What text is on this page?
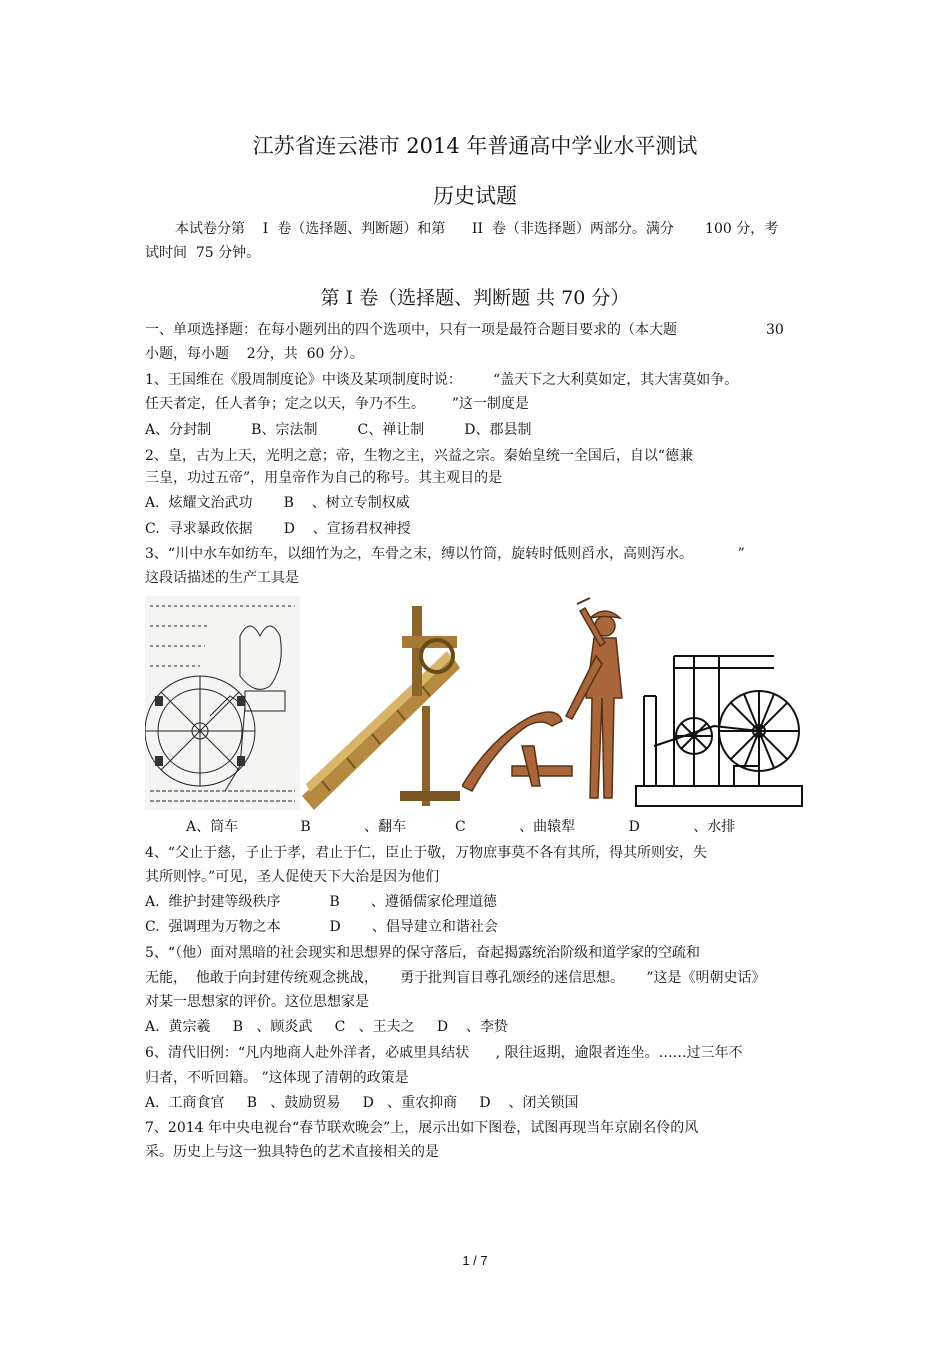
江苏省连云港市 2014 年普通高中学业水平测试
历史试题
本试卷分第    I  卷（选择题、判断题）和第      II  卷（非选择题）两部分。满分       100 分，考
试时间  75 分钟。
第 I 卷（选择题、判断题 共 70 分）
一、单项选择题：在每小题列出的四个选项中，只有一项是最符合题目要求的（本大题                    30
小题，每小题    2分，共  60 分）。
1、王国维在《殷周制度论》中谈及某项制度时说：       “盖天下之大利莫如定，其大害莫如争。
任天者定，任人者争；定之以天，争乃不生。      ”这一制度是
A、分封制         B、宗法制         C、禅让制         D、郡县制
2、皇，古为上天，光明之意；帝，生物之主，兴益之宗。秦始皇统一全国后，自以“德兼
三皇，功过五帝”，用皇帝作为自己的称号。其主观目的是
A.  炫耀文治武功       B    、树立专制权威
C.  寻求暴政依据       D    、宣扬君权神授
3、“川中水车如纺车，以细竹为之，车骨之末，缚以竹筒，旋转时低则舀水，高则泻水。          ”
这段话描述的生产工具是
A、筒车              B            、翻车           C            、曲辕犁            D            、水排
4、“父止于慈，子止于孝，君止于仁，臣止于敬，万物庶事莫不各有其所，得其所则安，失
其所则悖。”可见，圣人促使天下大治是因为他们
A.  维护封建等级秩序           B       、遵循儒家伦理道德
C.  强调理为万物之本           D       、倡导建立和谐社会
5、“（他）面对黑暗的社会现实和思想界的保守落后，奋起揭露统治阶级和道学家的空疏和
无能，  他敢于向封建传统观念挑战，     勇于批判盲目尊孔颂经的迷信思想。     ”这是《明朝史话》
对某一思想家的评价。这位思想家是
A.  黄宗羲     B   、顾炎武     C   、王夫之     D    、李贽
6、清代旧例：“凡内地商人赴外洋者，必戚里具结状      , 限往返期，逾限者连坐。……过三年不
归者，不听回籍。 ”这体现了清朝的政策是
A.  工商食官     B   、鼓励贸易     D   、重农抑商     D    、闭关锁国
7、2014 年中央电视台“春节联欢晚会”上，展示出如下图卷，试图再现当年京剧名伶的风
采。历史上与这一独具特色的艺术直接相关的是
1 / 7
